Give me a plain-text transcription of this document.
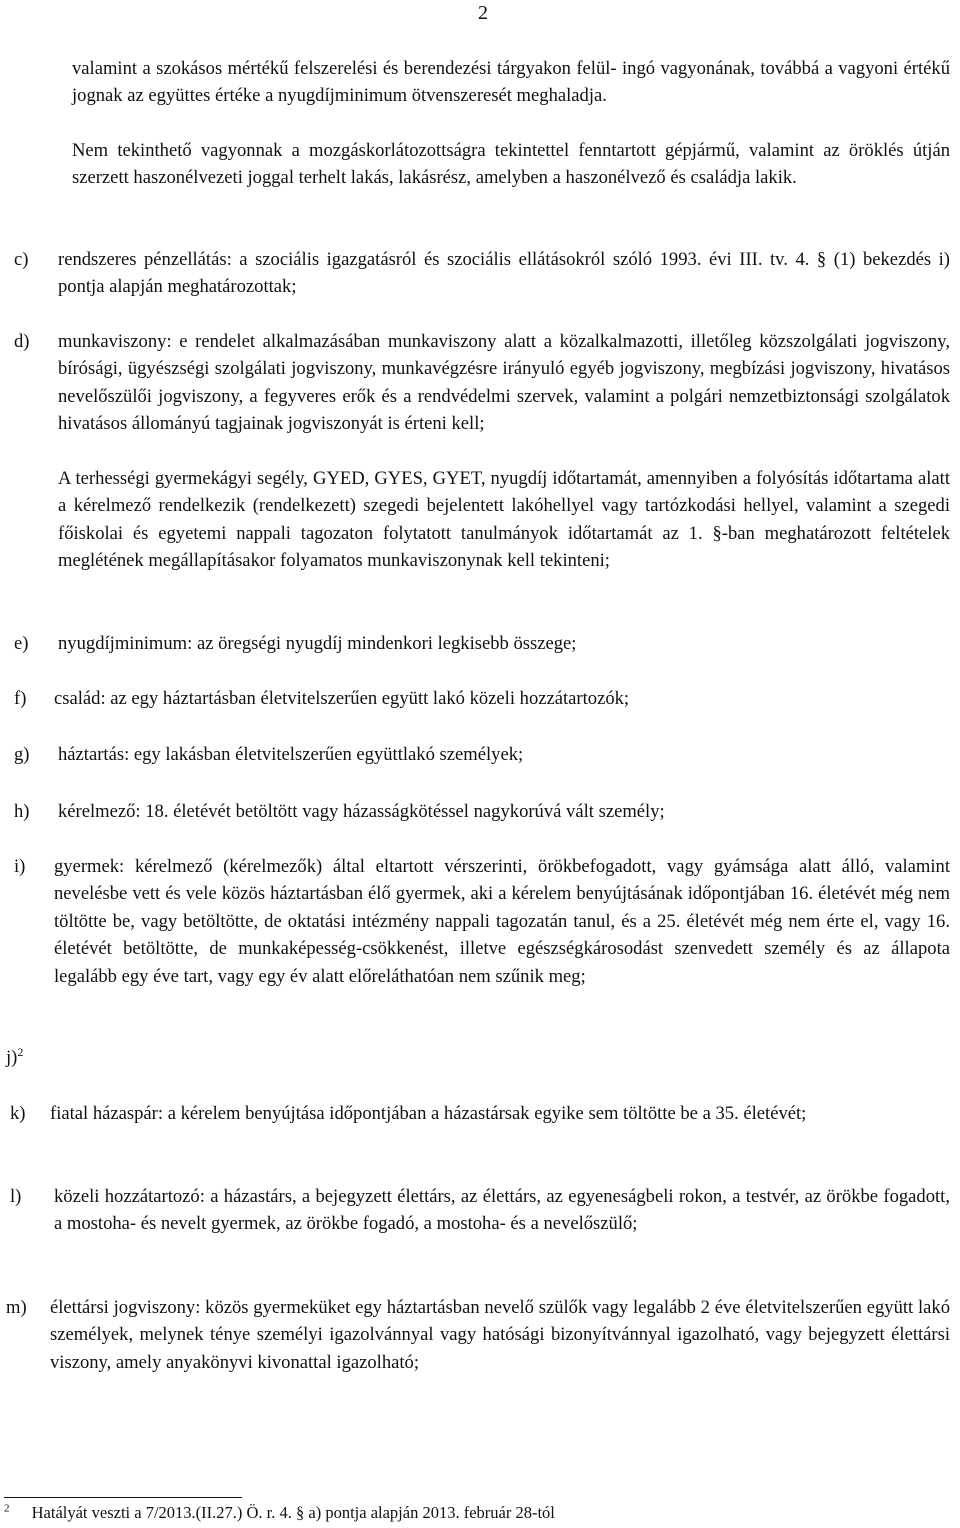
2
valamint a szokásos mértékű felszerelési és berendezési tárgyakon felül- ingó vagyonának, továbbá a vagyoni értékű jognak az együttes értéke a nyugdíjminimum ötvenszeresét meghaladja.
Nem tekinthető vagyonnak a mozgáskorlátozottságra tekintettel fenntartott gépjármű, valamint az öröklés útján szerzett haszonélvezeti joggal terhelt lakás, lakásrész, amelyben a haszonélvező és családja lakik.
c) rendszeres pénzellátás: a szociális igazgatásról és szociális ellátásokról szóló 1993. évi III. tv. 4. § (1) bekezdés i) pontja alapján meghatározottak;
d) munkaviszony: e rendelet alkalmazásában munkaviszony alatt a közalkalmazotti, illetőleg közszolgálati jogviszony, bírósági, ügyészségi szolgálati jogviszony, munkavégzésre irányuló egyéb jogviszony, megbízási jogviszony, hivatásos nevelőszülői jogviszony, a fegyveres erők és a rendvédelmi szervek, valamint a polgári nemzetbiztonsági szolgálatok hivatásos állományú tagjainak jogviszonyát is érteni kell;
A terhességi gyermekágyi segély, GYED, GYES, GYET, nyugdíj időtartamát, amennyiben a folyósítás időtartama alatt a kérelmező rendelkezik (rendelkezett) szegedi bejelentett lakóhellyel vagy tartózkodási hellyel, valamint a szegedi főiskolai és egyetemi nappali tagozaton folytatott tanulmányok időtartamát az 1. §-ban meghatározott feltételek meglétének megállapításakor folyamatos munkaviszonynak kell tekinteni;
e) nyugdíjminimum: az öregségi nyugdíj mindenkori legkisebb összege;
f) család: az egy háztartásban életvitelszerűen együtt lakó közeli hozzátartozók;
g) háztartás: egy lakásban életvitelszerűen együttlakó személyek;
h) kérelmező: 18. életévét betöltött vagy házasságkötéssel nagykorúvá vált személy;
i) gyermek: kérelmező (kérelmezők) által eltartott vérszerinti, örökbefogadott, vagy gyámsága alatt álló, valamint nevelésbe vett és vele közös háztartásban élő gyermek, aki a kérelem benyújtásának időpontjában 16. életévét még nem töltötte be, vagy betöltötte, de oktatási intézmény nappali tagozatán tanul, és a 25. életévét még nem érte el, vagy 16. életévét betöltötte, de munkaképesség-csökkenést, illetve egészségkárosodást szenvedett személy és az állapota legalább egy éve tart, vagy egy év alatt előreláthatóan nem szűnik meg;
j)$^2$
k) fiatal házaspár: a kérelem benyújtása időpontjában a házastársak egyike sem töltötte be a 35. életévét;
l) közeli hozzátartozó: a házastárs, a bejegyzett élettárs, az élettárs, az egyeneságbeli rokon, a testvér, az örökbe fogadott, a mostoha- és nevelt gyermek, az örökbe fogadó, a mostoha- és a nevelőszülő;
m) élettársi jogviszony: közös gyermeküket egy háztartásban nevelő szülők vagy legalább 2 éve életvitelszerűen együtt lakó személyek, melynek ténye személyi igazolvánnyal vagy hatósági bizonyítvánnyal igazolható, vagy bejegyzett élettársi viszony, amely anyakönyvi kivonattal igazolható;
$^2$ Hatályát veszti a 7/2013.(II.27.) Ö. r. 4. § a) pontja alapján 2013. február 28-tól
